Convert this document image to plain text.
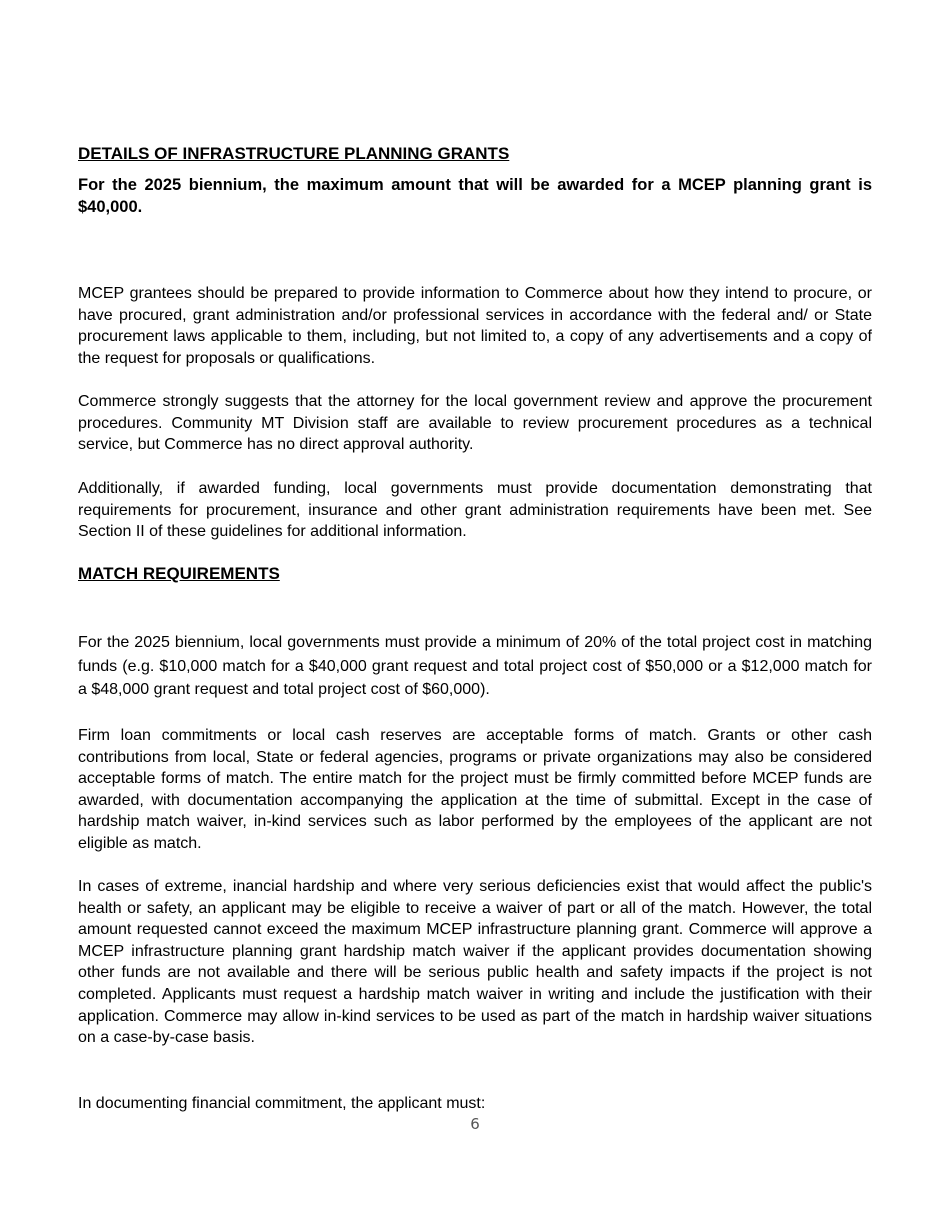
DETAILS OF INFRASTRUCTURE PLANNING GRANTS

For the 2025 biennium, the maximum amount that will be awarded for a MCEP planning grant is $40,000.

MCEP grantees should be prepared to provide information to Commerce about how they intend to procure, or have procured, grant administration and/or professional services in accordance with the federal and/ or State procurement laws applicable to them, including, but not limited to, a copy of any advertisements and a copy of the request for proposals or qualifications.

Commerce strongly suggests that the attorney for the local government review and approve the procurement procedures. Community MT Division staff are available to review procurement procedures as a technical service, but Commerce has no direct approval authority.

Additionally, if awarded funding, local governments must provide documentation demonstrating that requirements for procurement, insurance and other grant administration requirements have been met. See Section II of these guidelines for additional information.

MATCH REQUIREMENTS

For the 2025 biennium, local governments must provide a minimum of 20% of the total project cost in matching funds (e.g. $10,000 match for a $40,000 grant request and total project cost of $50,000 or a $12,000 match for a $48,000 grant request and total project cost of $60,000).

Firm loan commitments or local cash reserves are acceptable forms of match. Grants or other cash contributions from local, State or federal agencies, programs or private organizations may also be considered acceptable forms of match. The entire match for the project must be firmly committed before MCEP funds are awarded, with documentation accompanying the application at the time of submittal. Except in the case of hardship match waiver, in-kind services such as labor performed by the employees of the applicant are not eligible as match.

In cases of extreme, inancial hardship and where very serious deficiencies exist that would affect the public's health or safety, an applicant may be eligible to receive a waiver of part or all of the match. However, the total amount requested cannot exceed the maximum MCEP infrastructure planning grant. Commerce will approve a MCEP infrastructure planning grant hardship match waiver if the applicant provides documentation showing other funds are not available and there will be serious public health and safety impacts if the project is not completed. Applicants must request a hardship match waiver in writing and include the justification with their application. Commerce may allow in-kind services to be used as part of the match in hardship waiver situations on a case-by-case basis.

In documenting financial commitment, the applicant must:

6
